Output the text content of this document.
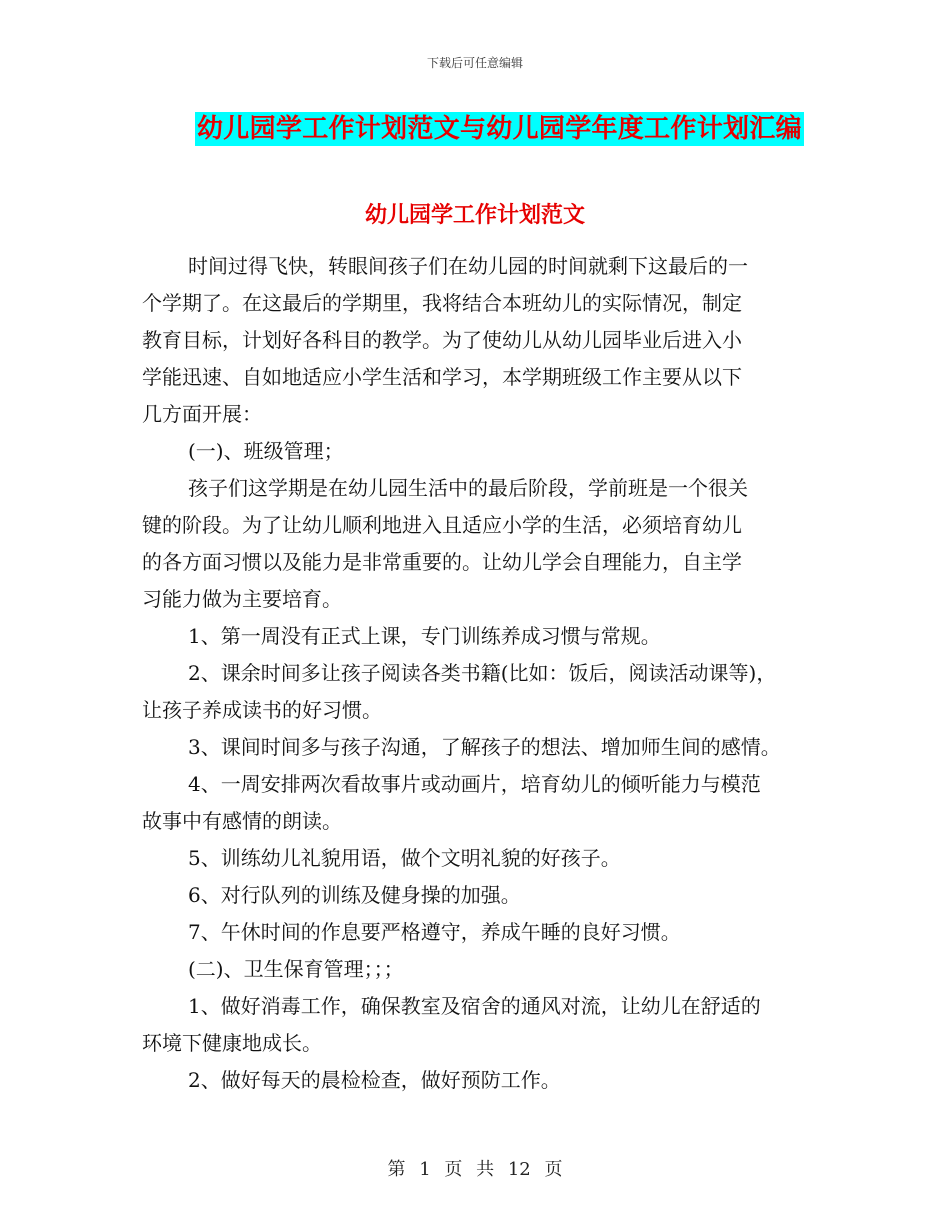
下载后可任意编辑
幼儿园学工作计划范文与幼儿园学年度工作计划汇编
幼儿园学工作计划范文
时间过得飞快，转眼间孩子们在幼儿园的时间就剩下这最后的一
个学期了。在这最后的学期里，我将结合本班幼儿的实际情况，制定
教育目标，计划好各科目的教学。为了使幼儿从幼儿园毕业后进入小
学能迅速、自如地适应小学生活和学习，本学期班级工作主要从以下
几方面开展：
(一)、班级管理；
孩子们这学期是在幼儿园生活中的最后阶段，学前班是一个很关
键的阶段。为了让幼儿顺利地进入且适应小学的生活，必须培育幼儿
的各方面习惯以及能力是非常重要的。让幼儿学会自理能力，自主学
习能力做为主要培育。
1、第一周没有正式上课，专门训练养成习惯与常规。
2、课余时间多让孩子阅读各类书籍(比如：饭后，阅读活动课等)，
让孩子养成读书的好习惯。
3、课间时间多与孩子沟通，了解孩子的想法、增加师生间的感情。
4、一周安排两次看故事片或动画片，培育幼儿的倾听能力与模范
故事中有感情的朗读。
5、训练幼儿礼貌用语，做个文明礼貌的好孩子。
6、对行队列的训练及健身操的加强。
7、午休时间的作息要严格遵守，养成午睡的良好习惯。
(二)、卫生保育管理；；；
1、做好消毒工作，确保教室及宿舍的通风对流，让幼儿在舒适的
环境下健康地成长。
2、做好每天的晨检检查，做好预防工作。
第 1 页 共 12 页
